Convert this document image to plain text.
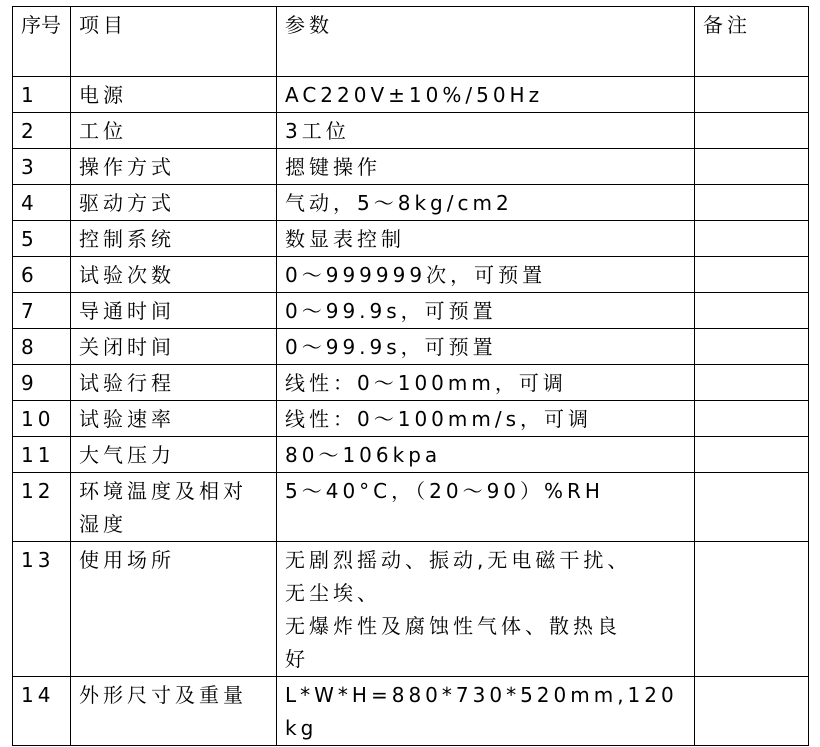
序号	项目	参数	备注
1	电源	AC220V±10%/50Hz	

2	工位	3工位	

3	操作方式	摁键操作	

4	驱动方式	气动，5～8kg/cm2	

5	控制系统	数显表控制	

6	试验次数	0～999999次，可预置	

7	导通时间	0～99.9s，可预置	

8	关闭时间	0～99.9s，可预置	

9	试验行程	线性：0～100mm，可调	

10	试验速率	线性：0～100mm/s，可调	

11	大气压力	80～106kpa	

12	环境温度及相对湿度	5～40°C，（20～90）%RH	

13	使用场所	无剧烈摇动、振动,无电磁干扰、
无尘埃、
无爆炸性及腐蚀性气体、散热良
好	

14	外形尺寸及重量	L*W*H=880*730*520mm,120kg	
